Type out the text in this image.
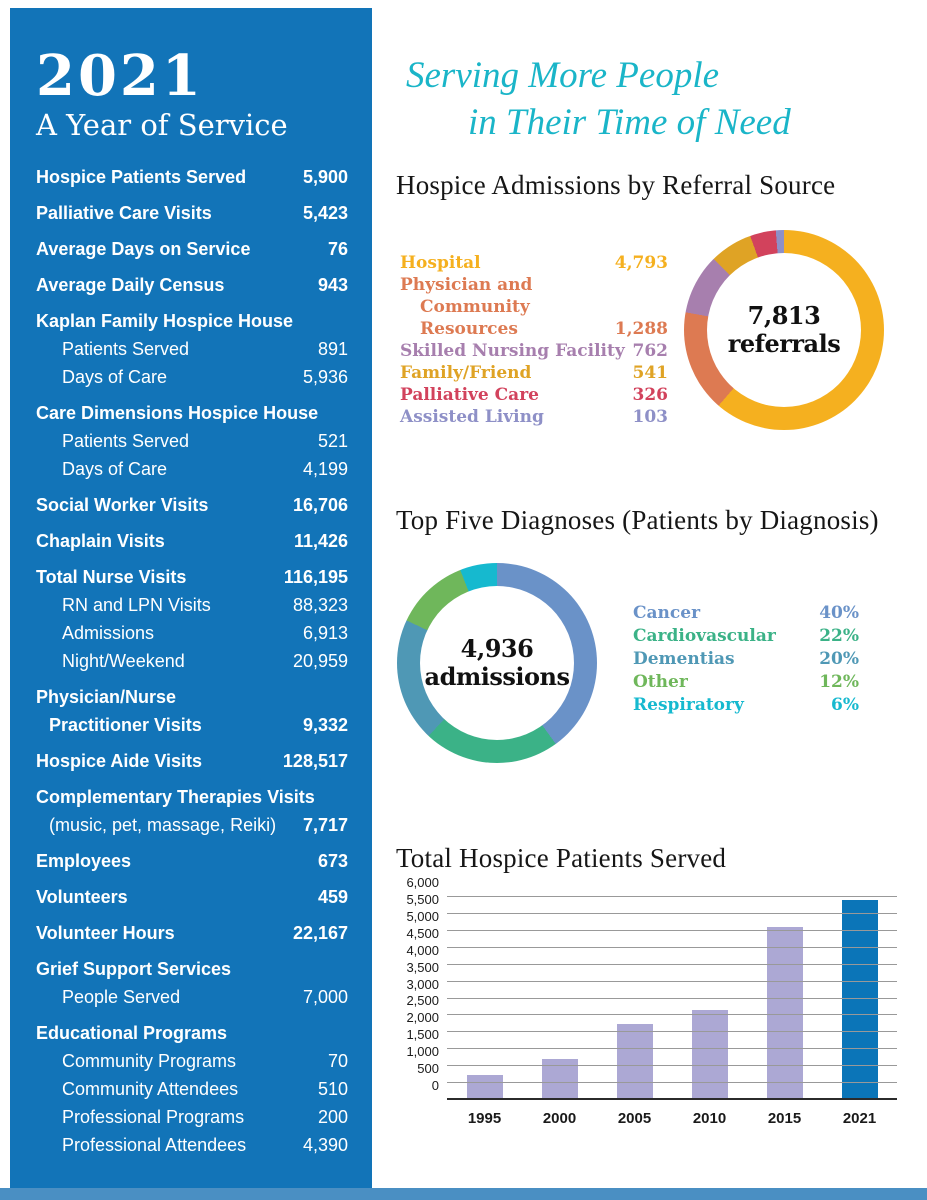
2021
A Year of Service
Hospice Patients Served	5,900
Palliative Care Visits	5,423
Average Days on Service	76
Average Daily Census	943
Kaplan Family Hospice House
Patients Served	891
Days of Care	5,936
Care Dimensions Hospice House
Patients Served	521
Days of Care	4,199
Social Worker Visits	16,706
Chaplain Visits	11,426
Total Nurse Visits	116,195
RN and LPN Visits	88,323
Admissions	6,913
Night/Weekend	20,959
Physician/Nurse
Practitioner Visits	9,332
Hospice Aide Visits	128,517
Complementary Therapies Visits
(music, pet, massage, Reiki) 7,717
Employees	673
Volunteers	459
Volunteer Hours	22,167
Grief Support Services
People Served	7,000
Educational Programs
Community Programs	70
Community Attendees	510
Professional Programs	200
Professional Attendees	4,390
Serving More People
in Their Time of Need
Hospice Admissions by Referral Source
Hospital	4,793
Physician and
Community Resources	1,288
Skilled Nursing Facility 762
Family/Friend	541
Palliative Care	326
Assisted Living	103
7,813
referrals
Top Five Diagnoses (Patients by Diagnosis)
4,936
admissions
Cancer	40%
Cardiovascular	22%
Dementias	20%
Other	12%
Respiratory	6%
Total Hospice Patients Served
0
500
1,000
1,500
2,000
2,500
3,000
3,500
4,000
4,500
5,000
5,500
6,000
1995	2000	2005	2010	2015	2021
